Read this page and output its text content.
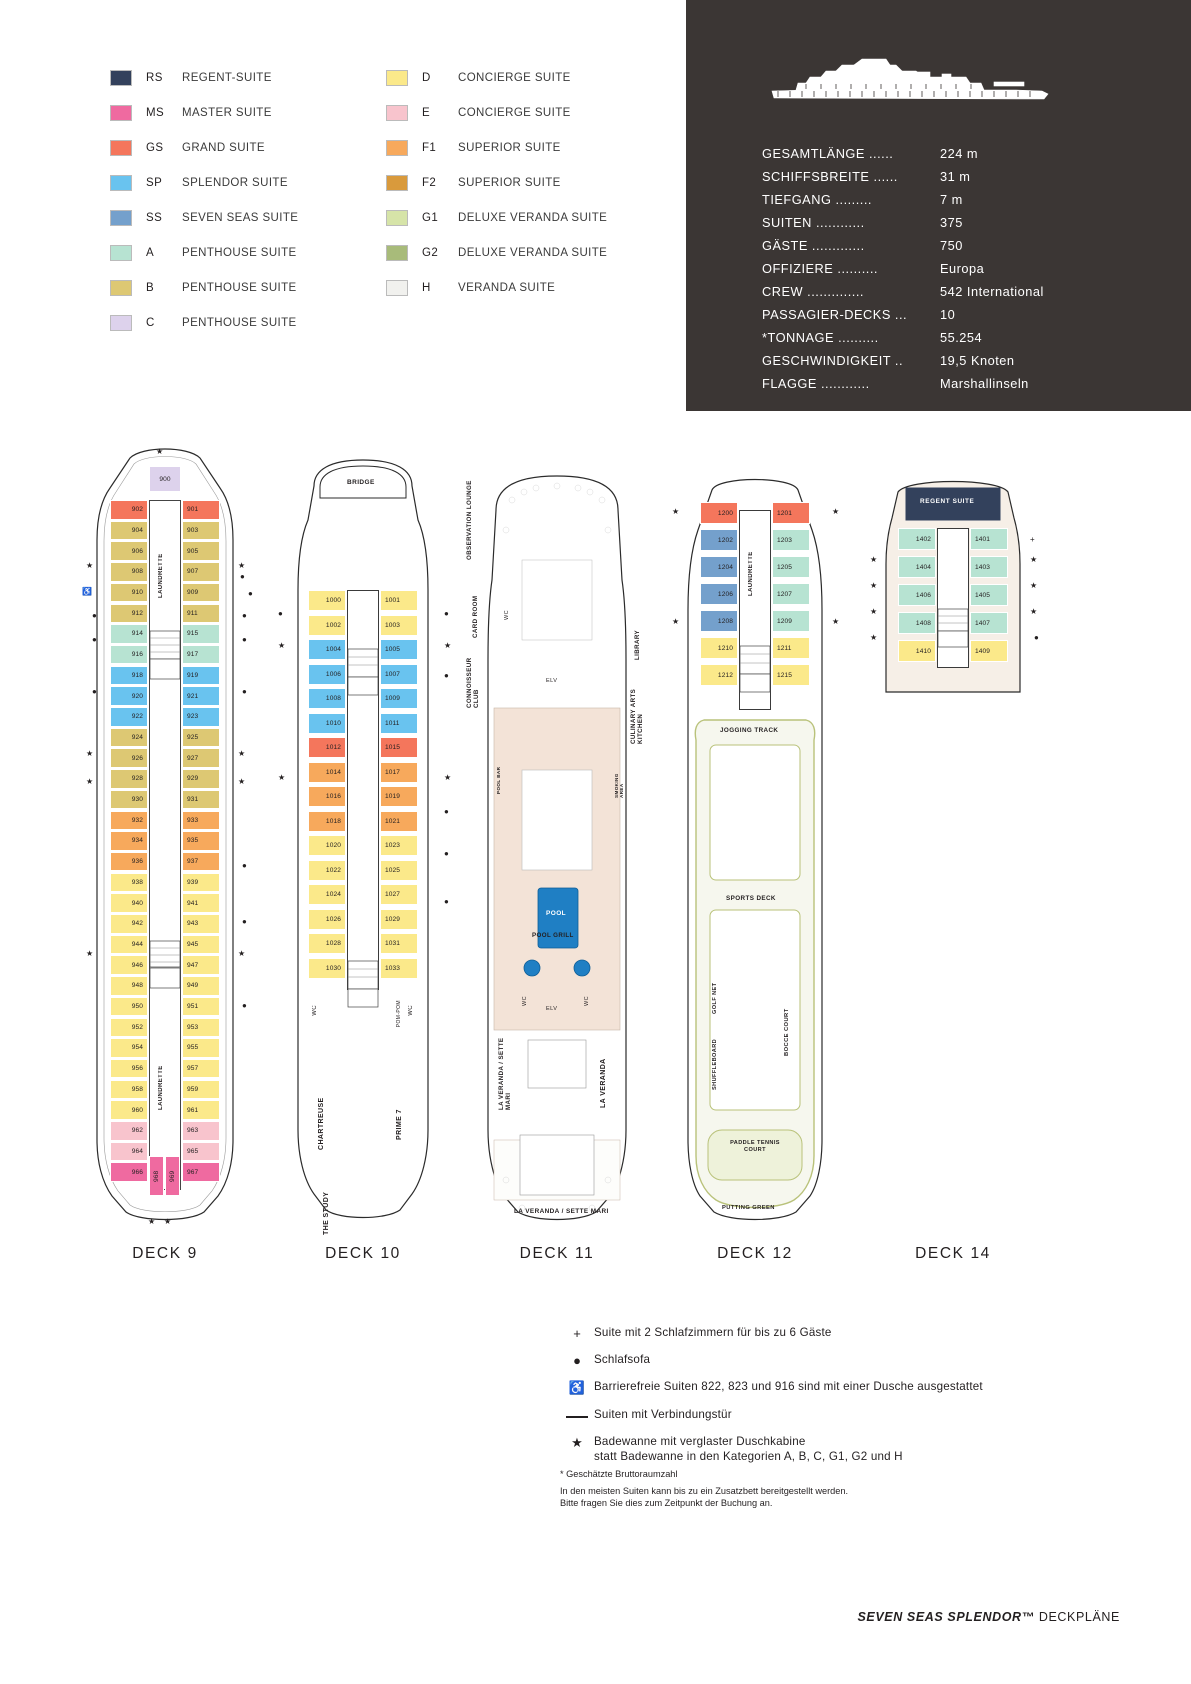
RS	REGENT-SUITE
MS	MASTER SUITE
GS	GRAND SUITE
SP	SPLENDOR SUITE
SS	SEVEN SEAS SUITE
A	PENTHOUSE SUITE
B	PENTHOUSE SUITE
C	PENTHOUSE SUITE
D	CONCIERGE SUITE
E	CONCIERGE SUITE
F1	SUPERIOR SUITE
F2	SUPERIOR SUITE
G1	DELUXE VERANDA SUITE
G2	DELUXE VERANDA SUITE
H	VERANDA SUITE
GESAMTLÄNGE ......	224 m
SCHIFFSBREITE ......	31 m
TIEFGANG .........	7 m
SUITEN ............	375
GÄSTE .............	750
OFFIZIERE ..........	Europa
CREW ..............	542 International
PASSAGIER-DECKS ...	10
*TONNAGE ..........	55.254
GESCHWINDIGKEIT ..	19,5 Knoten
FLAGGE ............	Marshallinseln
902
904
906
908
910
912
914
916
918
920
922
924
926
928
930
932
934
936
938
940
942
944
946
948
950
952
954
956
958
960
962
964
966
901
903
905
907
909
911
915
917
919
921
923
925
927
929
931
933
935
937
939
941
943
945
947
949
951
953
955
957
959
961
963
965
967
900
968	969
LAUNDRETTE
LAUNDRETTE
★
★	★
●
♿	●
●	●
●	●
●	●
★	★
★	★
●
●
★	★
●
★ ★
DECK 9
BRIDGE
1000
1002
1004
1006
1008
1010
1012
1014
1016
1018
1020
1022
1024
1026
1028
1030
1001
1003
1005
1007
1009
1011
1015
1017
1019
1021
1023
1025
1027
1029
1031
1033
WC	WC
POM-POM
CHARTREUSE	PRIME 7
THE STUDY
●	●
★	★
●
★	★
●
●
●
DECK 10
OBSERVATION LOUNGE
CARD ROOM
CONNOISSEUR CLUB
LIBRARY
CULINARY ARTS KITCHEN
POOL
SMOKING AREA
POOL BAR
POOL GRILL
WC
ELV
ELV
WC	WC
LA VERANDA / SETTE MARI	LA VERANDA
LA VERANDA / SETTE MARI
DECK 11
1200
1202
1204
1206
1208
1210
1212
1201
1203
1205
1207
1209
1211
1215
LAUNDRETTE
JOGGING TRACK
SPORTS DECK
GOLF NET
SHUFFLEBOARD
BOCCE COURT
PADDLE TENNIS COURT
PUTTING GREEN
★	★
★	★
DECK 12
REGENT SUITE
1402
1404
1406
1408
1410
1401
1403
1405
1407
1409
+
★	★
★	★
★	★
★	●
DECK 14
+	Suite mit 2 Schlafzimmern für bis zu 6 Gäste
●	Schlafsofa
♿ Barrierefreie Suiten 822, 823 und 916 sind mit einer Dusche ausgestattet
Suiten mit Verbindungstür
★ Badewanne mit verglaster Duschkabine
statt Badewanne in den Kategorien A, B, C, G1, G2 und H
* Geschätzte Bruttoraumzahl
In den meisten Suiten kann bis zu ein Zusatzbett bereitgestellt werden.
Bitte fragen Sie dies zum Zeitpunkt der Buchung an.
SEVEN SEAS SPLENDOR™ DECKPLÄNE
